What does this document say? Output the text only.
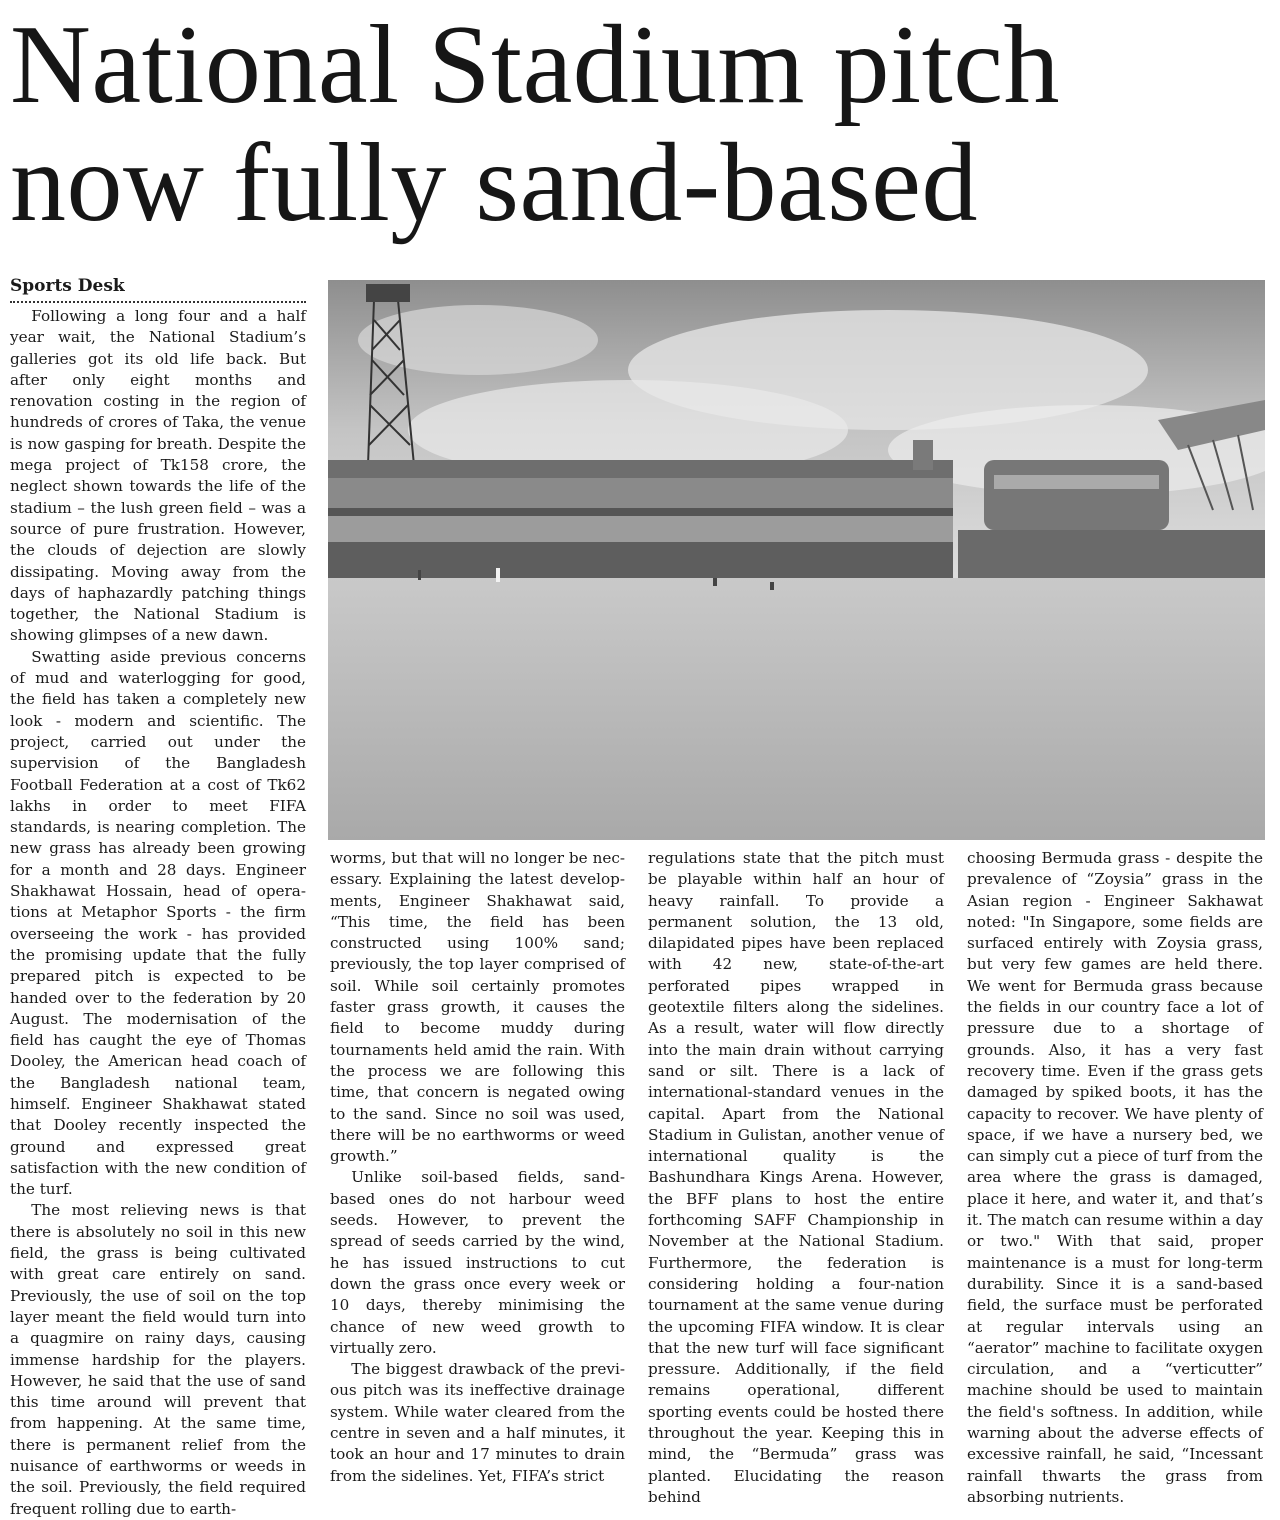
National Stadium pitch
now fully sand-based
Sports Desk

Following a long four and a half year wait, the National Stadium’s galleries got its old life back. But after only eight months and renovation costing in the region of hundreds of crores of Taka, the venue is now gasping for breath. Despite the mega project of Tk158 crore, the neglect shown towards the life of the stadium – the lush green field – was a source of pure frustration. However, the clouds of dejection are slowly dissipating. Moving away from the days of haphazardly patching things together, the National Stadium is showing glimpses of a new dawn.

Swatting aside previous concerns of mud and waterlogging for good, the field has taken a completely new look - modern and scientific. The project, carried out under the supervision of the Bangladesh Football Federation at a cost of Tk62 lakhs in order to meet FIFA standards, is nearing completion. The new grass has already been growing for a month and 28 days. Engineer Shakhawat Hossain, head of operations at Metaphor Sports - the firm overseeing the work - has provided the promising update that the fully prepared pitch is expected to be handed over to the federation by 20 August. The modernisation of the field has caught the eye of Thomas Dooley, the American head coach of the Bangladesh national team, himself. Engineer Shakhawat stated that Dooley recently inspected the ground and expressed great satisfaction with the new condition of the turf.

The most relieving news is that there is absolutely no soil in this new field, the grass is being cultivated with great care entirely on sand. Previously, the use of soil on the top layer meant the field would turn into a quagmire on rainy days, causing immense hardship for the players. However, he said that the use of sand this time around will prevent that from happening. At the same time, there is permanent relief from the nuisance of earthworms or weeds in the soil. Previously, the field required frequent rolling due to earth-

worms, but that will no longer be necessary. Explaining the latest developments, Engineer Shakhawat said, “This time, the field has been constructed using 100% sand; previously, the top layer comprised of soil. While soil certainly promotes faster grass growth, it causes the field to become muddy during tournaments held amid the rain. With the process we are following this time, that concern is negated owing to the sand. Since no soil was used, there will be no earthworms or weed growth.”

Unlike soil-based fields, sand-based ones do not harbour weed seeds. However, to prevent the spread of seeds carried by the wind, he has issued instructions to cut down the grass once every week or 10 days, thereby minimising the chance of new weed growth to virtually zero.

The biggest drawback of the previous pitch was its ineffective drainage system. While water cleared from the centre in seven and a half minutes, it took an hour and 17 minutes to drain from the sidelines. Yet, FIFA’s strict

regulations state that the pitch must be playable within half an hour of heavy rainfall. To provide a permanent solution, the 13 old, dilapidated pipes have been replaced with 42 new, state-of-the-art perforated pipes wrapped in geotextile filters along the sidelines. As a result, water will flow directly into the main drain without carrying sand or silt. There is a lack of international-standard venues in the capital. Apart from the National Stadium in Gulistan, another venue of international quality is the Bashundhara Kings Arena. However, the BFF plans to host the entire forthcoming SAFF Championship in November at the National Stadium. Furthermore, the federation is considering holding a four-nation tournament at the same venue during the upcoming FIFA window. It is clear that the new turf will face significant pressure. Additionally, if the field remains operational, different sporting events could be hosted there throughout the year. Keeping this in mind, the “Bermuda” grass was planted. Elucidating the reason behind

choosing Bermuda grass - despite the prevalence of “Zoysia” grass in the Asian region - Engineer Sakhawat noted: "In Singapore, some fields are surfaced entirely with Zoysia grass, but very few games are held there. We went for Bermuda grass because the fields in our country face a lot of pressure due to a shortage of grounds. Also, it has a very fast recovery time. Even if the grass gets damaged by spiked boots, it has the capacity to recover. We have plenty of space, if we have a nursery bed, we can simply cut a piece of turf from the area where the grass is damaged, place it here, and water it, and that’s it. The match can resume within a day or two." With that said, proper maintenance is a must for long-term durability. Since it is a sand-based field, the surface must be perforated at regular intervals using an “aerator” machine to facilitate oxygen circulation, and a “verticutter” machine should be used to maintain the field's softness. In addition, while warning about the adverse effects of excessive rainfall, he said, “Incessant rainfall thwarts the grass from absorbing nutrients.
